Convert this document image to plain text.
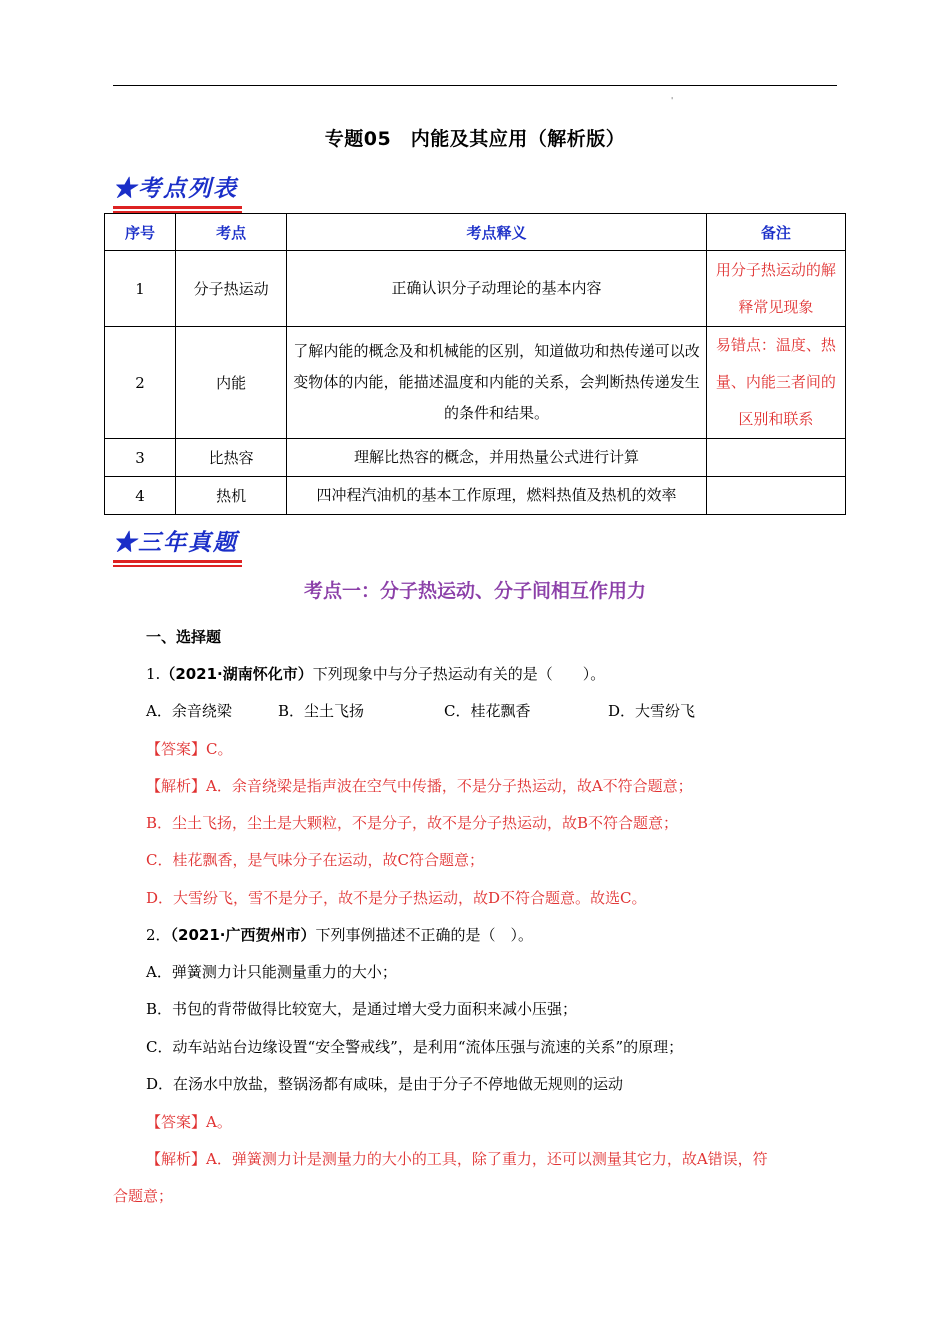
'
专题05　内能及其应用（解析版）
★考点列表
序号	考点	考点释义	备注
1	分子热运动	正确认识分子动理论的基本内容	用分子热运动的解释常见现象
2	内能	了解内能的概念及和机械能的区别，知道做功和热传递可以改变物体的内能，能描述温度和内能的关系，会判断热传递发生的条件和结果。	易错点：温度、热量、内能三者间的区别和联系
3	比热容	理解比热容的概念，并用热量公式进行计算	
4	热机	四冲程汽油机的基本工作原理，燃料热值及热机的效率	
★三年真题
考点一：分子热运动、分子间相互作用力
一、选择题
1.（2021·湖南怀化市）下列现象中与分子热运动有关的是（　　）。
A．余音绕梁	B．尘土飞扬	C．桂花飘香	D．大雪纷飞
【答案】C。
【解析】A．余音绕梁是指声波在空气中传播，不是分子热运动，故A不符合题意；
B．尘土飞扬，尘土是大颗粒，不是分子，故不是分子热运动，故B不符合题意；
C．桂花飘香，是气味分子在运动，故C符合题意；
D．大雪纷飞，雪不是分子，故不是分子热运动，故D不符合题意。故选C。
2．（2021·广西贺州市）下列事例描述不正确的是（　）。
A．弹簧测力计只能测量重力的大小；
B．书包的背带做得比较宽大，是通过增大受力面积来减小压强；
C．动车站站台边缘设置“安全警戒线”，是利用“流体压强与流速的关系”的原理；
D．在汤水中放盐，整锅汤都有咸味，是由于分子不停地做无规则的运动
【答案】A。
【解析】A．弹簧测力计是测量力的大小的工具，除了重力，还可以测量其它力，故A错误，符
合题意；
